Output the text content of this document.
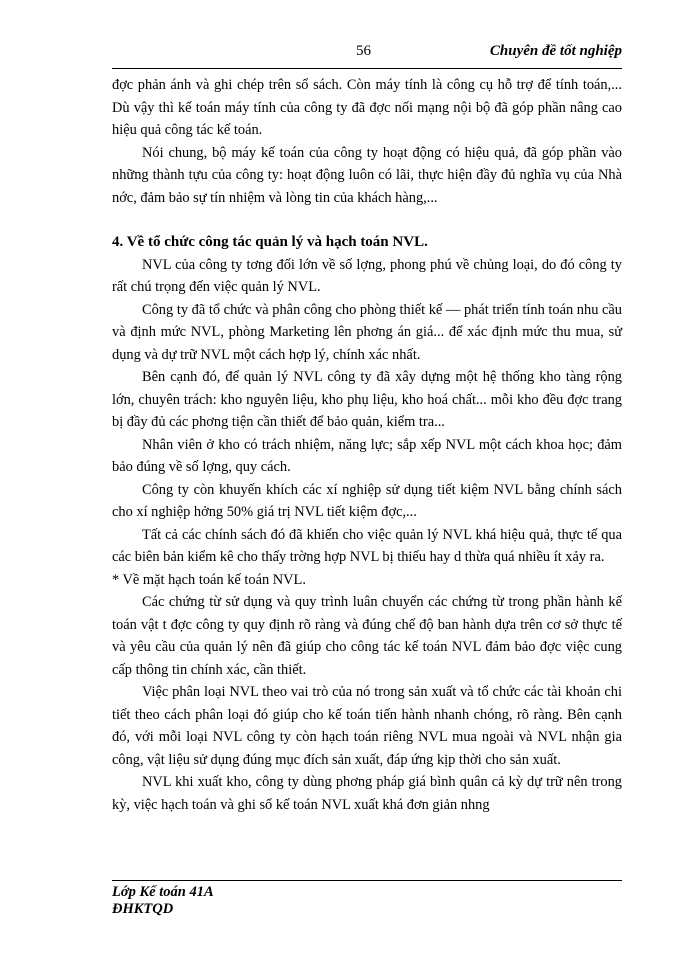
56	Chuyên đề tốt nghiệp

đợc phản ánh và ghi chép trên sổ sách. Còn máy tính là công cụ hỗ trợ để tính toán,... Dù vậy thì kế toán máy tính của công ty đã đợc nối mạng nội bộ đã góp phần nâng cao hiệu quả công tác kế toán.

Nói chung, bộ máy kế toán của công ty hoạt động có hiệu quả, đã góp phần vào những thành tựu của công ty: hoạt động luôn có lãi, thực hiện đầy đủ nghĩa vụ của Nhà nớc, đảm bảo sự tín nhiệm và lòng tin của khách hàng,...

4. Về tổ chức công tác quản lý và hạch toán NVL.

NVL của công ty tơng đối lớn về số lợng, phong phú về chủng loại, do đó công ty rất chú trọng đến việc quản lý NVL.

Công ty đã tổ chức và phân công cho phòng thiết kế — phát triển tính toán nhu cầu và định mức NVL, phòng Marketing lên phơng án giá... để xác định mức thu mua, sử dụng và dự trữ NVL một cách hợp lý, chính xác nhất.

Bên cạnh đó, để quản lý NVL công ty đã xây dựng một hệ thống kho tàng rộng lớn, chuyên trách: kho nguyên liệu, kho phụ liệu, kho hoá chất... mỗi kho đều đợc trang bị đầy đủ các phơng tiện cần thiết để bảo quản, kiểm tra...

Nhân viên ở kho có trách nhiệm, năng lực; sắp xếp NVL một cách khoa học; đảm bảo đúng về số lợng, quy cách.

Công ty còn khuyến khích các xí nghiệp sử dụng tiết kiệm NVL bằng chính sách cho xí nghiệp hởng 50% giá trị NVL tiết kiệm đợc,...

Tất cả các chính sách đó đã khiến cho việc quản lý NVL khá hiệu quả, thực tế qua các biên bản kiểm kê cho thấy trờng hợp NVL bị thiếu hay d thừa quá nhiều ít xảy ra.

* Về mặt hạch toán kế toán NVL.

Các chứng từ sử dụng và quy trình luân chuyển các chứng từ trong phần hành kế toán vật t đợc công ty quy định rõ ràng và đúng chế độ ban hành dựa trên cơ sở thực tế và yêu cầu của quản lý nên đã giúp cho công tác kế toán NVL đảm bảo đợc việc cung cấp thông tin chính xác, cần thiết.

Việc phân loại NVL theo vai trò của nó trong sản xuất và tổ chức các tài khoản chi tiết theo cách phân loại đó giúp cho kế toán tiến hành nhanh chóng, rõ ràng. Bên cạnh đó, với mỗi loại NVL công ty còn hạch toán riêng NVL mua ngoài và NVL nhận gia công, vật liệu sử dụng đúng mục đích sản xuất, đáp ứng kịp thời cho sản xuất.

NVL khi xuất kho, công ty dùng phơng pháp giá bình quân cả kỳ dự trữ nên trong kỳ, việc hạch toán và ghi sổ kế toán NVL xuất khá đơn giản nhng

Lớp Kế toán 41A
ĐHKTQD
